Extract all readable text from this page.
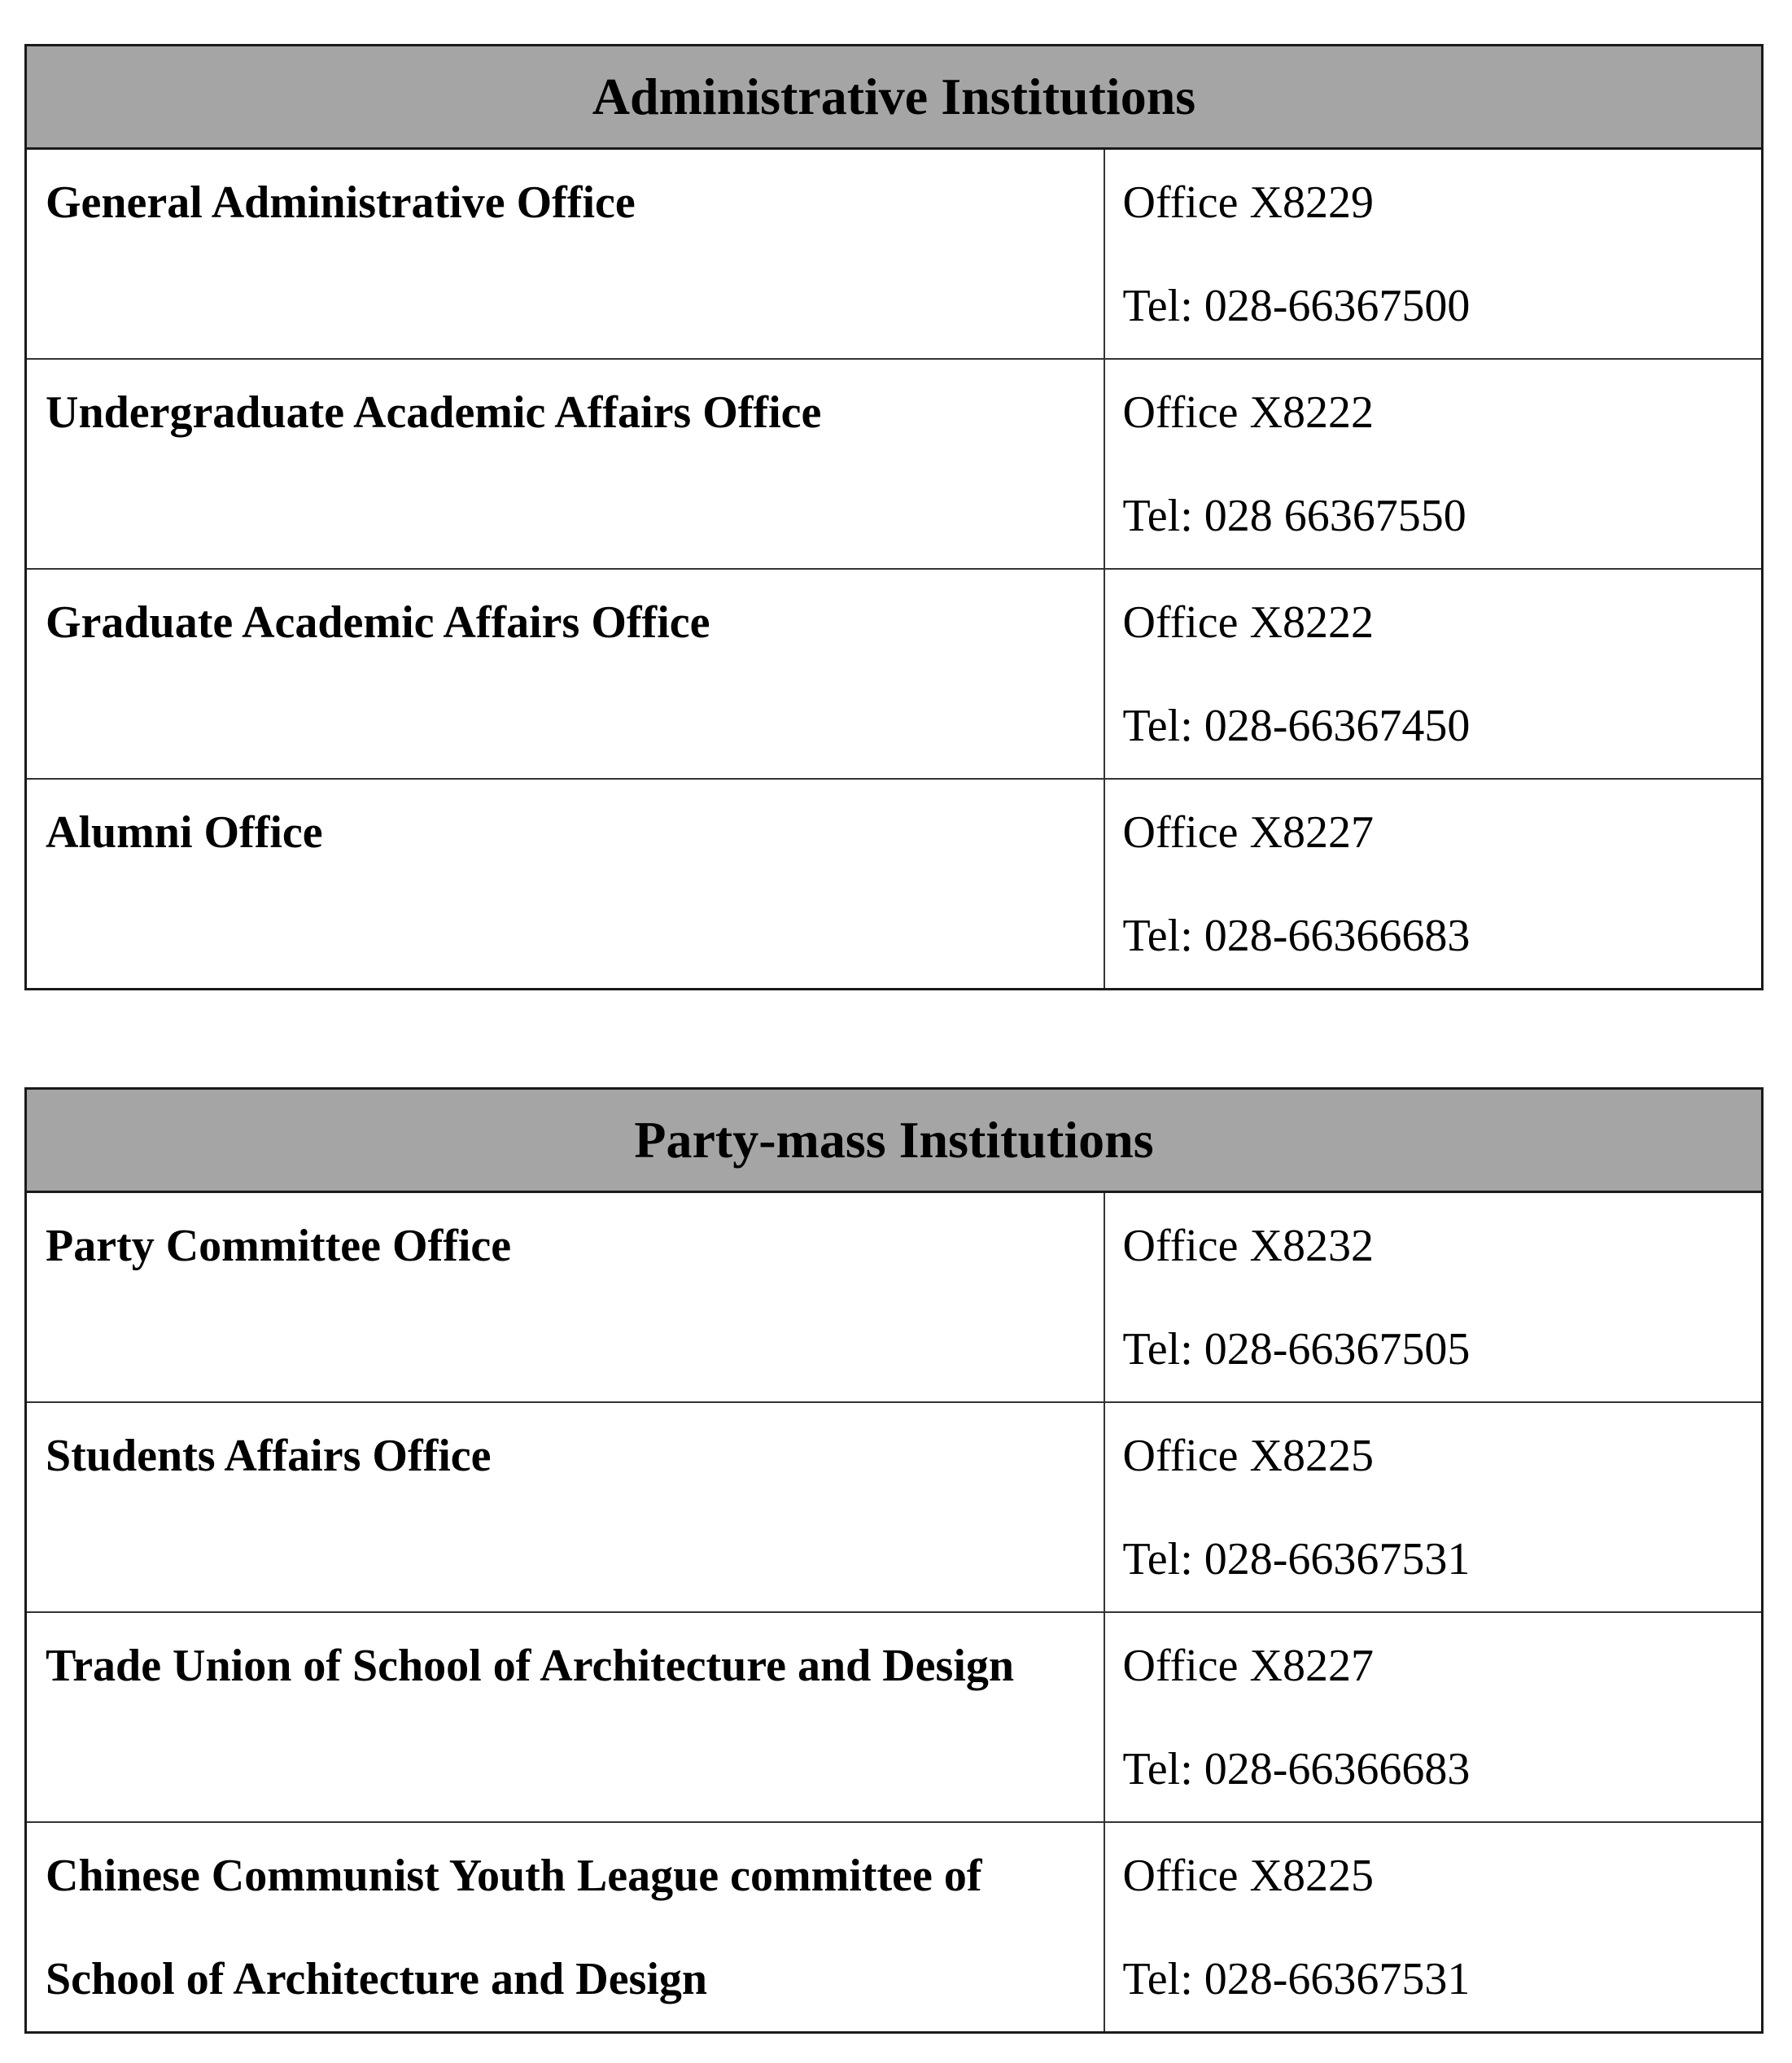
Administrative Institutions	

General Administrative Office	Office X8229
Tel: 028-66367500

Undergraduate Academic Affairs Office	Office X8222
Tel: 028 66367550

Graduate Academic Affairs Office	Office X8222
Tel: 028-66367450

Alumni Office	Office X8227
Tel: 028-66366683
Party-mass Institutions	

Party Committee Office	Office X8232
Tel: 028-66367505

Students Affairs Office	Office X8225
Tel: 028-66367531

Trade Union of School of Architecture and Design	Office X8227
Tel: 028-66366683

Chinese Communist Youth League committee of
School of Architecture and Design	Office X8225
Tel: 028-66367531
